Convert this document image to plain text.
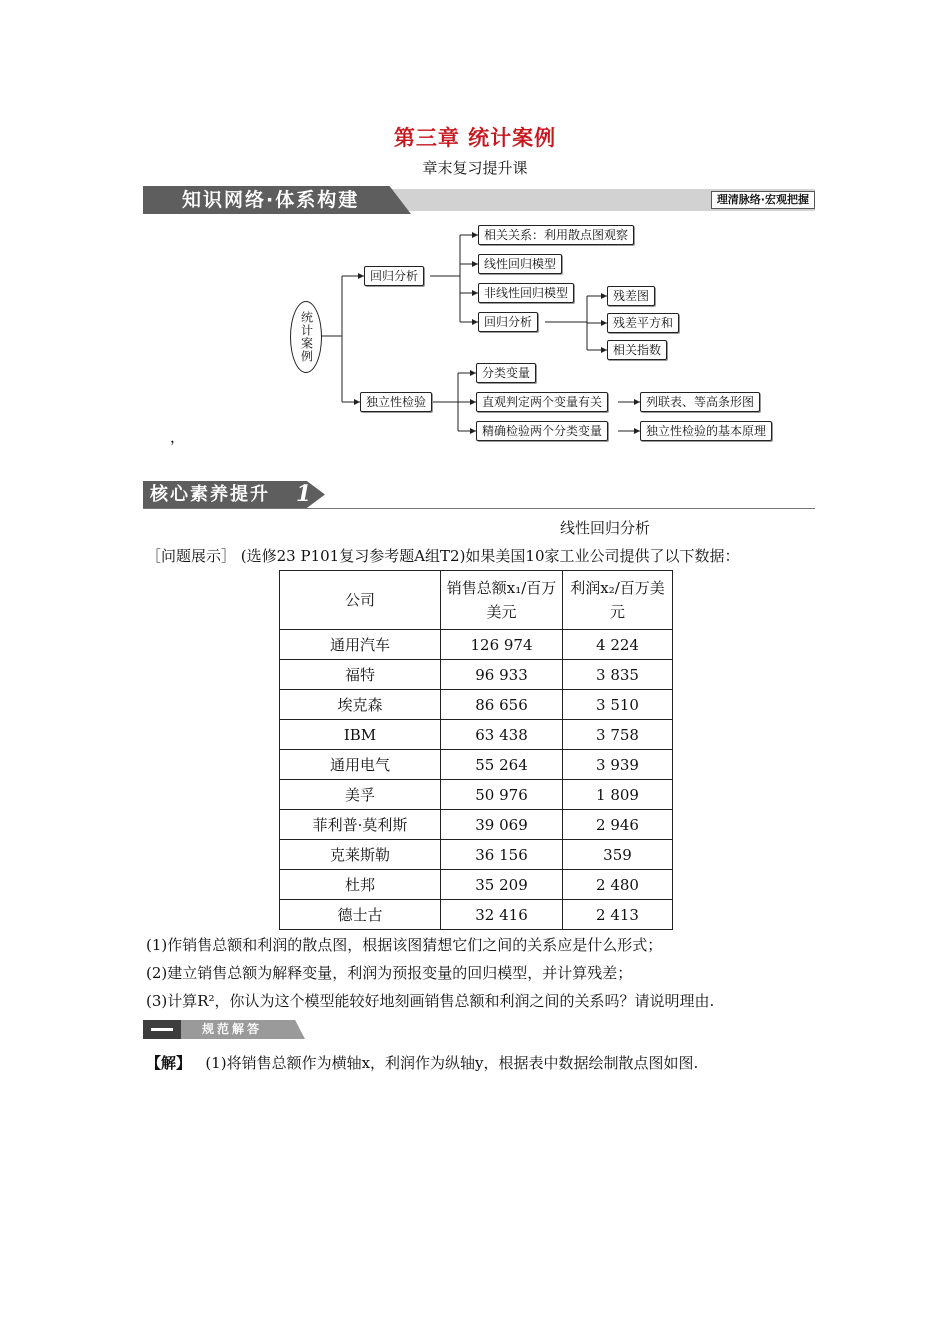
第三章 统计案例
章末复习提升课
知识网络·体系构建	理清脉络·宏观把握
统计案例
回归分析
相关关系：利用散点图观察
线性回归模型
非线性回归模型
回归分析
残差图
残差平方和
相关指数
独立性检验
分类变量
直观判定两个变量有关
精确检验两个分类变量
列联表、等高条形图
独立性检验的基本原理
，
核心素养提升 1
线性回归分析
［问题展示］ (选修23 P101复习参考题A组T2)如果美国10家工业公司提供了以下数据：
公司	销售总额x₁/百万美元	利润x₂/百万美元
通用汽车	126 974	4 224
福特	96 933	3 835
埃克森	86 656	3 510
IBM	63 438	3 758
通用电气	55 264	3 939
美孚	50 976	1 809
菲利普·莫利斯	39 069	2 946
克莱斯勒	36 156	359
杜邦	35 209	2 480
德士古	32 416	2 413
(1)作销售总额和利润的散点图，根据该图猜想它们之间的关系应是什么形式；
(2)建立销售总额为解释变量，利润为预报变量的回归模型，并计算残差；
(3)计算R²，你认为这个模型能较好地刻画销售总额和利润之间的关系吗？请说明理由.
规范解答
【解】 (1)将销售总额作为横轴x，利润作为纵轴y，根据表中数据绘制散点图如图.
